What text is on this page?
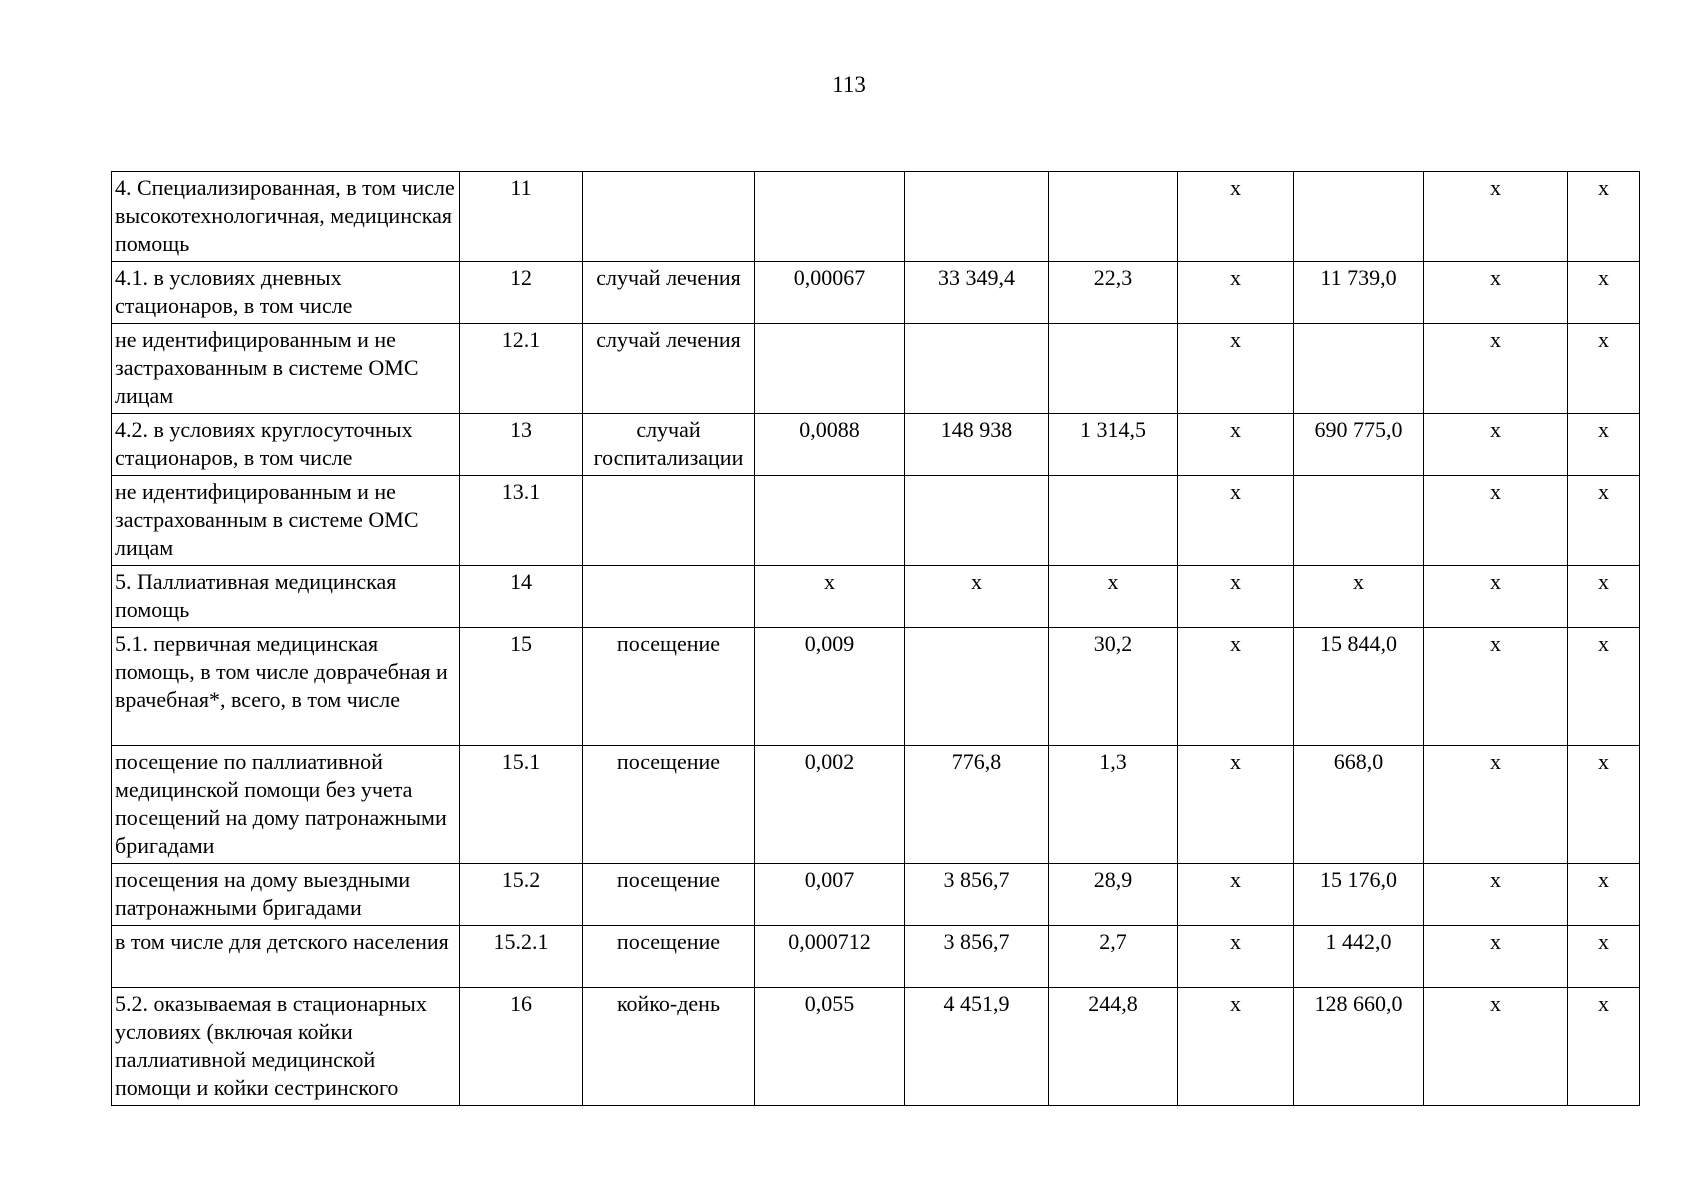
113
4. Специализированная, в том числе высокотехнологичная, медицинская помощь	11					х		х	х
4.1. в условиях дневных стационаров, в том числе	12	случай лечения	0,00067	33 349,4	22,3	х	11 739,0	х	х
не идентифицированным и не застрахованным в системе ОМС лицам	12.1	случай лечения				х		х	х
4.2. в условиях круглосуточных стационаров, в том числе	13	случай госпитализации	0,0088	148 938	1 314,5	х	690 775,0	х	х
не идентифицированным и не застрахованным в системе ОМС лицам	13.1					х		х	х
5. Паллиативная медицинская помощь	14		х	х	х	х	х	х	х
5.1. первичная медицинская помощь, в том числе доврачебная и врачебная*, всего, в том числе	15	посещение	0,009		30,2	х	15 844,0	х	х
посещение по паллиативной медицинской помощи без учета посещений на дому патронажными бригадами	15.1	посещение	0,002	776,8	1,3	х	668,0	х	х
посещения на дому выездными патронажными бригадами	15.2	посещение	0,007	3 856,7	28,9	х	15 176,0	х	х
в том числе для детского населения	15.2.1	посещение	0,000712	3 856,7	2,7	х	1 442,0	х	х
5.2. оказываемая в стационарных условиях (включая койки паллиативной медицинской помощи и койки сестринского	16	койко-день	0,055	4 451,9	244,8	х	128 660,0	х	х
